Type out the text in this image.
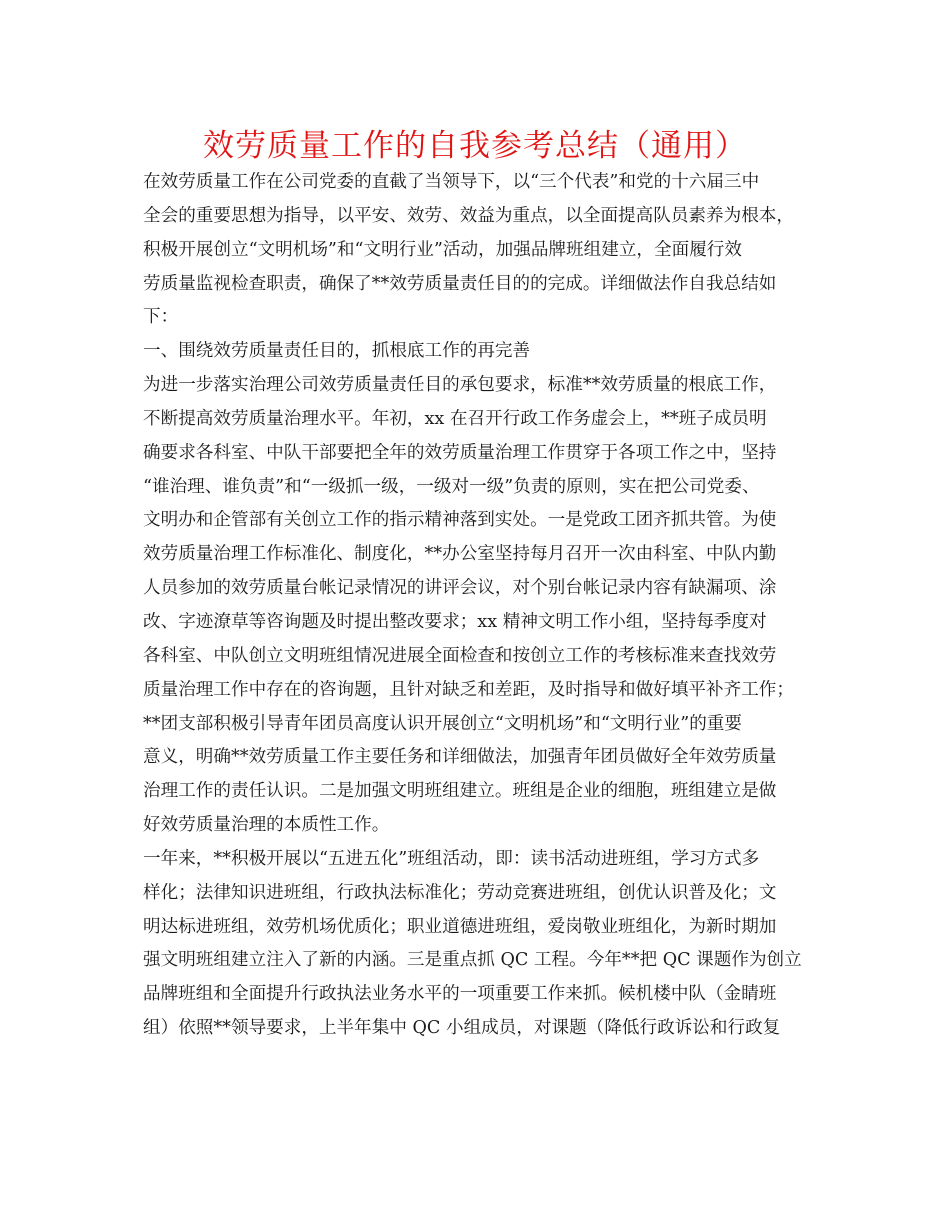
效劳质量工作的自我参考总结（通用）
在效劳质量工作在公司党委的直截了当领导下，以“三个代表”和党的十六届三中
全会的重要思想为指导，以平安、效劳、效益为重点，以全面提高队员素养为根本，
积极开展创立“文明机场”和“文明行业”活动，加强品牌班组建立，全面履行效
劳质量监视检查职责，确保了**效劳质量责任目的的完成。详细做法作自我总结如
下：
一、围绕效劳质量责任目的，抓根底工作的再完善
为进一步落实治理公司效劳质量责任目的承包要求，标准**效劳质量的根底工作，
不断提高效劳质量治理水平。年初，xx 在召开行政工作务虚会上，**班子成员明
确要求各科室、中队干部要把全年的效劳质量治理工作贯穿于各项工作之中，坚持
“谁治理、谁负责”和“一级抓一级，一级对一级”负责的原则，实在把公司党委、
文明办和企管部有关创立工作的指示精神落到实处。一是党政工团齐抓共管。为使
效劳质量治理工作标准化、制度化，**办公室坚持每月召开一次由科室、中队内勤
人员参加的效劳质量台帐记录情况的讲评会议，对个别台帐记录内容有缺漏项、涂
改、字迹潦草等咨询题及时提出整改要求；xx 精神文明工作小组，坚持每季度对
各科室、中队创立文明班组情况进展全面检查和按创立工作的考核标准来查找效劳
质量治理工作中存在的咨询题，且针对缺乏和差距，及时指导和做好填平补齐工作；
**团支部积极引导青年团员高度认识开展创立“文明机场”和“文明行业”的重要
意义，明确**效劳质量工作主要任务和详细做法，加强青年团员做好全年效劳质量
治理工作的责任认识。二是加强文明班组建立。班组是企业的细胞，班组建立是做
好效劳质量治理的本质性工作。
一年来，**积极开展以“五进五化”班组活动，即：读书活动进班组，学习方式多
样化；法律知识进班组，行政执法标准化；劳动竞赛进班组，创优认识普及化；文
明达标进班组，效劳机场优质化；职业道德进班组，爱岗敬业班组化，为新时期加
强文明班组建立注入了新的内涵。三是重点抓 QC 工程。今年**把 QC 课题作为创立
品牌班组和全面提升行政执法业务水平的一项重要工作来抓。候机楼中队（金睛班
组）依照**领导要求，上半年集中 QC 小组成员，对课题（降低行政诉讼和行政复
